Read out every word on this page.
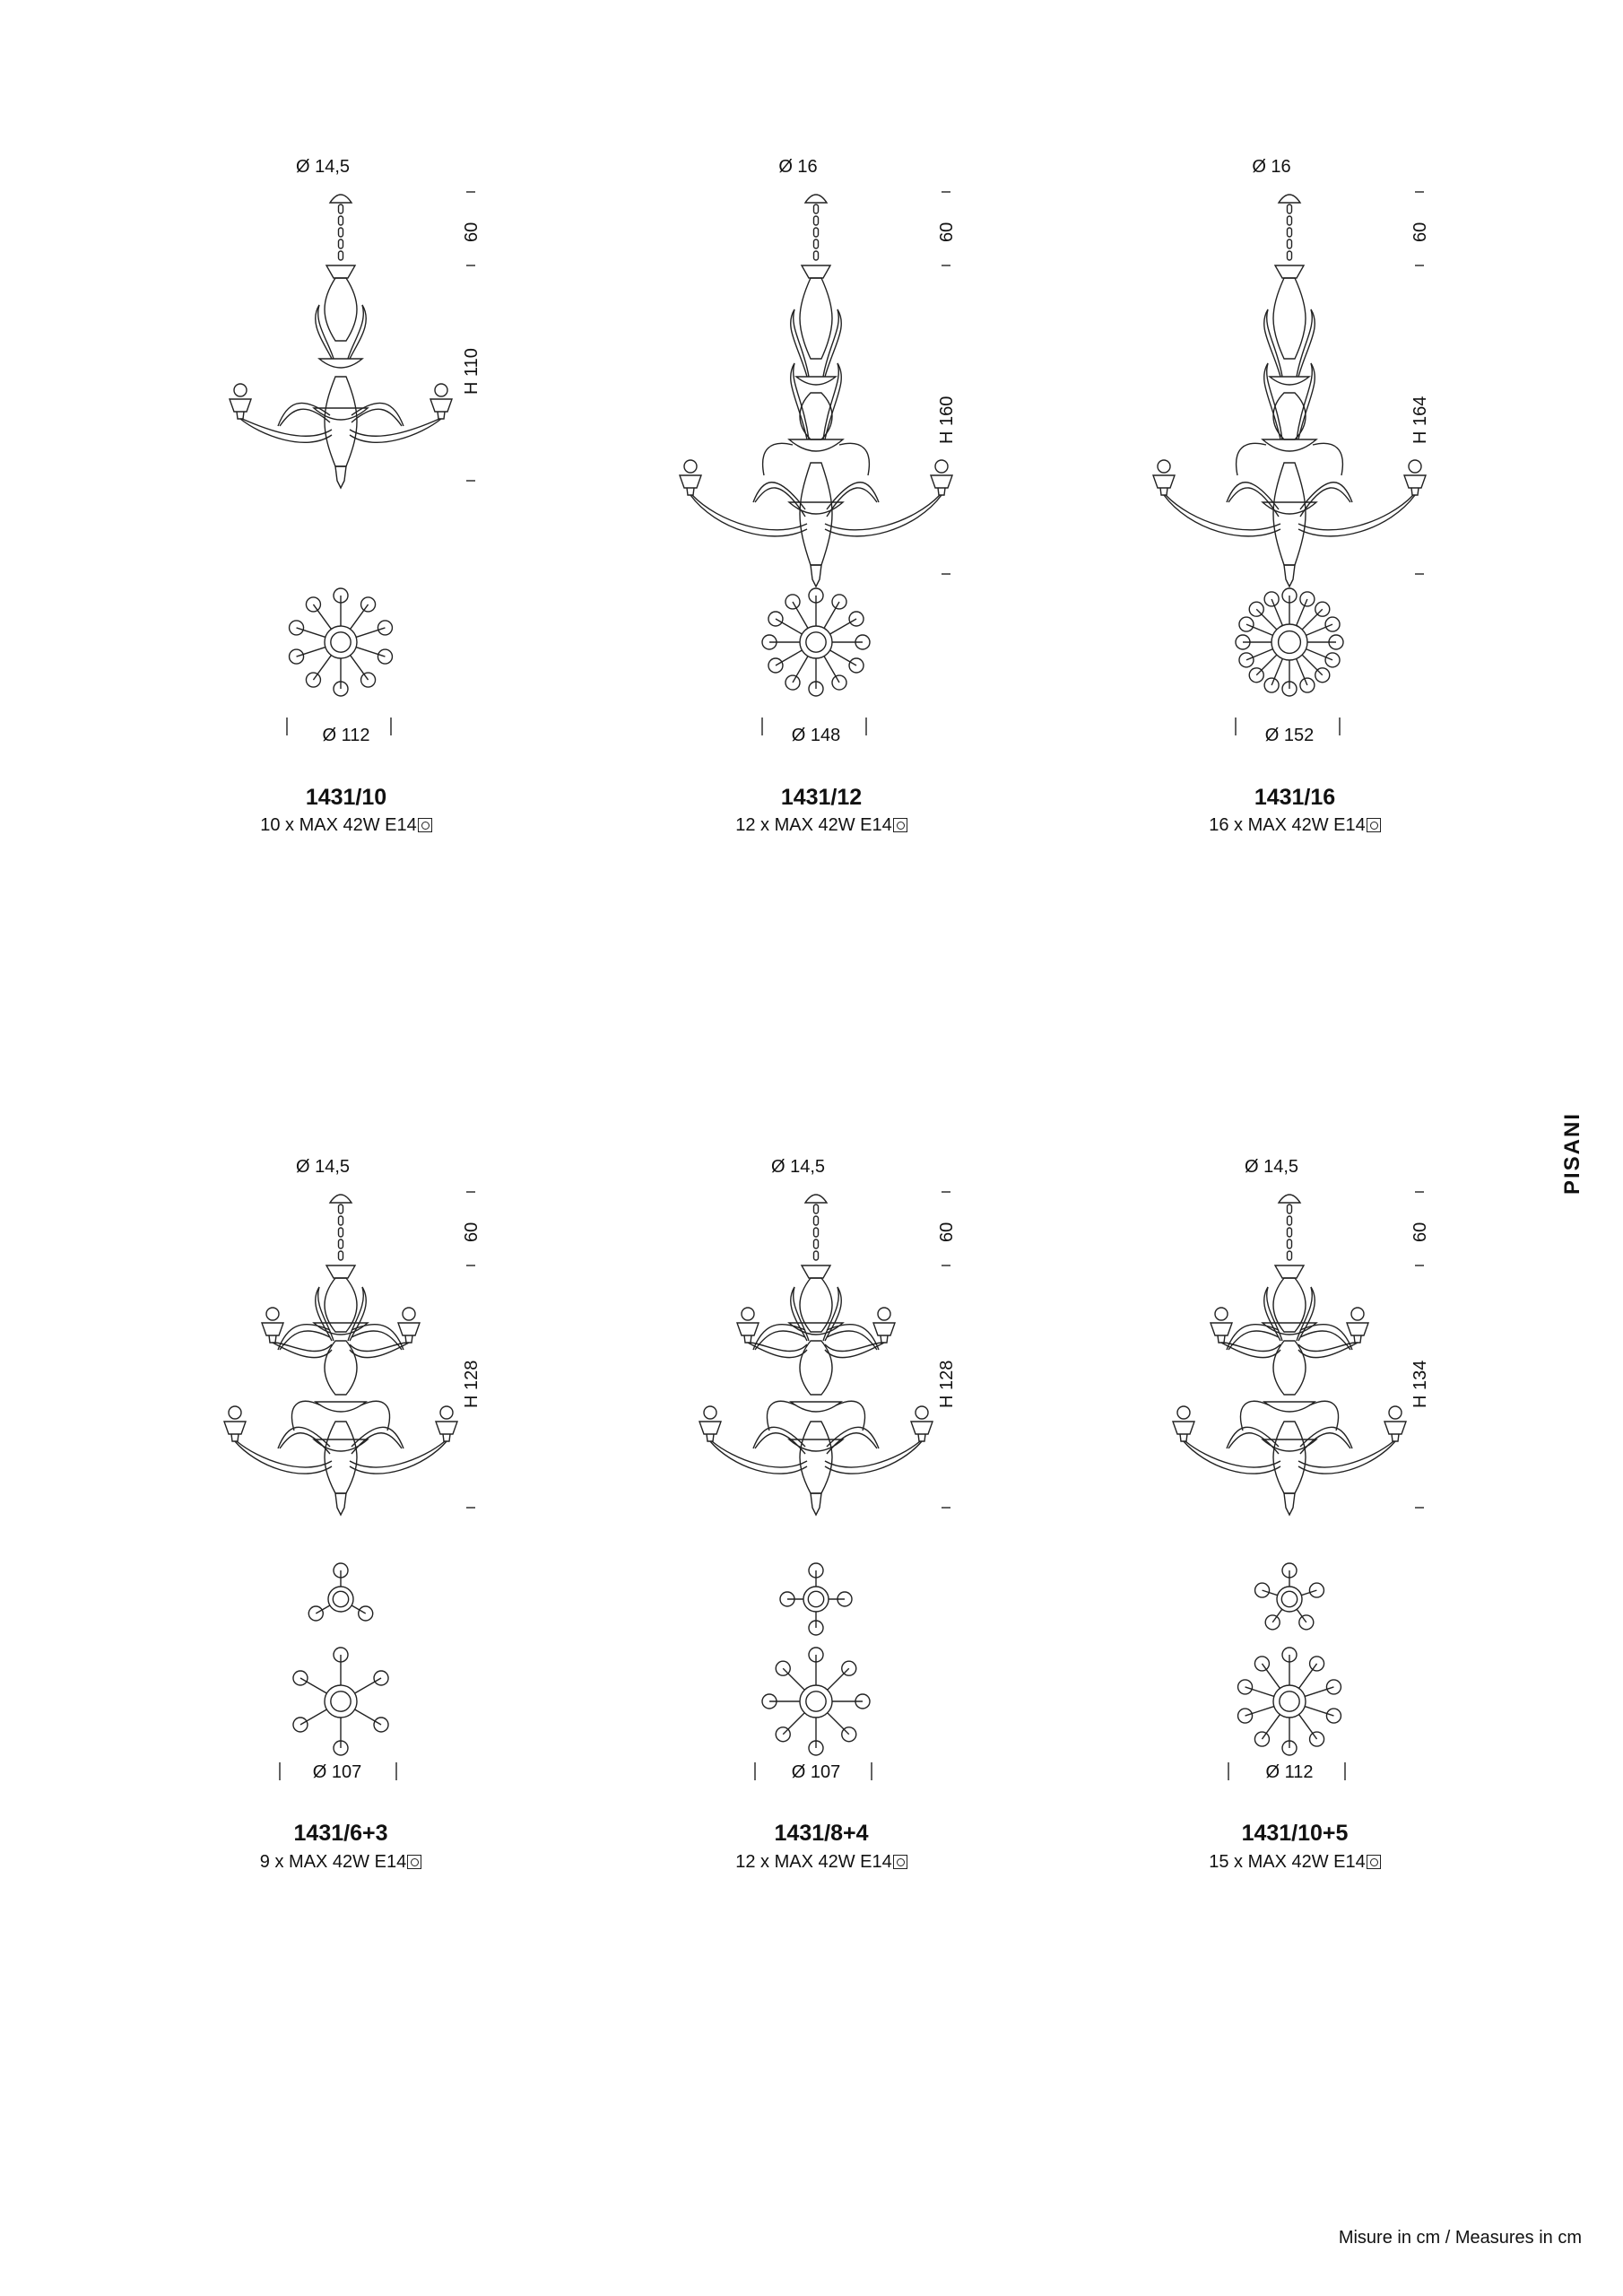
Ø 14,5
60
H 110
Ø 112
1431/10
10 x MAX 42W E14
Ø 16
60
H 160
Ø 148
1431/12
12 x MAX 42W E14
Ø 16
60
H 164
Ø 152
1431/16
16 x MAX 42W E14
Ø 14,5
60
H 128
Ø 107
1431/6+3
9 x MAX 42W E14
Ø 14,5
60
H 128
Ø 107
1431/8+4
12 x MAX 42W E14
Ø 14,5
60
H 134
Ø 112
1431/10+5
15 x MAX 42W E14
PISANI
Misure in cm / Measures in cm
